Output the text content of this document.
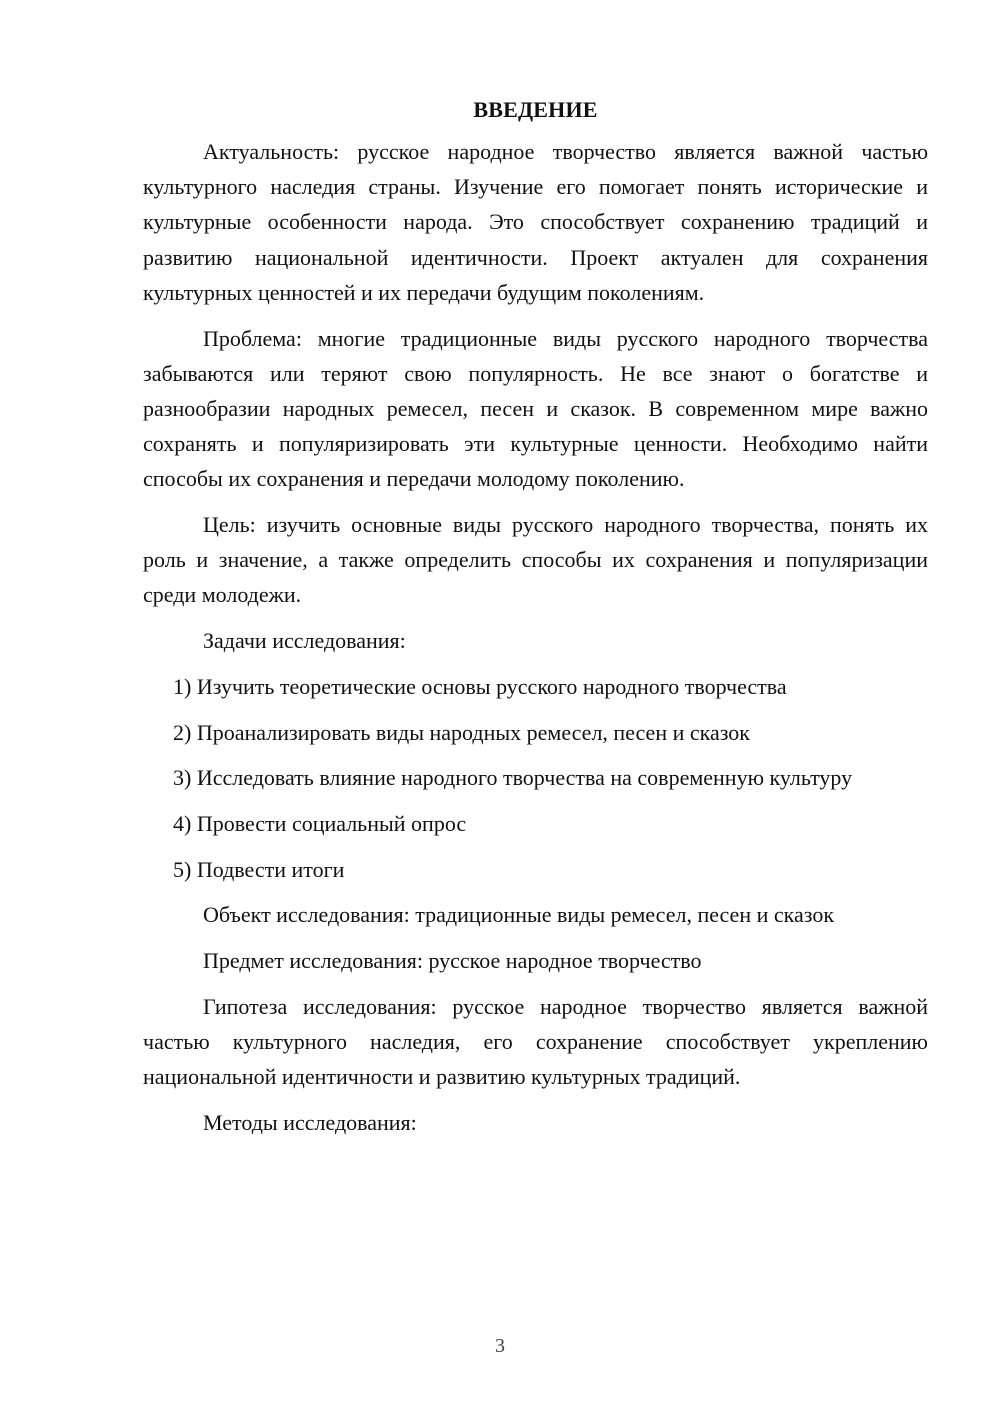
ВВЕДЕНИЕ

Актуальность: русское народное творчество является важной частью культурного наследия страны. Изучение его помогает понять исторические и культурные особенности народа. Это способствует сохранению традиций и развитию национальной идентичности. Проект актуален для сохранения культурных ценностей и их передачи будущим поколениям.

Проблема: многие традиционные виды русского народного творчества забываются или теряют свою популярность. Не все знают о богатстве и разнообразии народных ремесел, песен и сказок. В современном мире важно сохранять и популяризировать эти культурные ценности. Необходимо найти способы их сохранения и передачи молодому поколению.

Цель: изучить основные виды русского народного творчества, понять их роль и значение, а также определить способы их сохранения и популяризации среди молодежи.

Задачи исследования:

1) Изучить теоретические основы русского народного творчества

2) Проанализировать виды народных ремесел, песен и сказок

3) Исследовать влияние народного творчества на современную культуру

4) Провести социальный опрос

5) Подвести итоги

Объект исследования: традиционные виды ремесел, песен и сказок

Предмет исследования: русское народное творчество

Гипотеза исследования: русское народное творчество является важной частью культурного наследия, его сохранение способствует укреплению национальной идентичности и развитию культурных традиций.

Методы исследования:

3
